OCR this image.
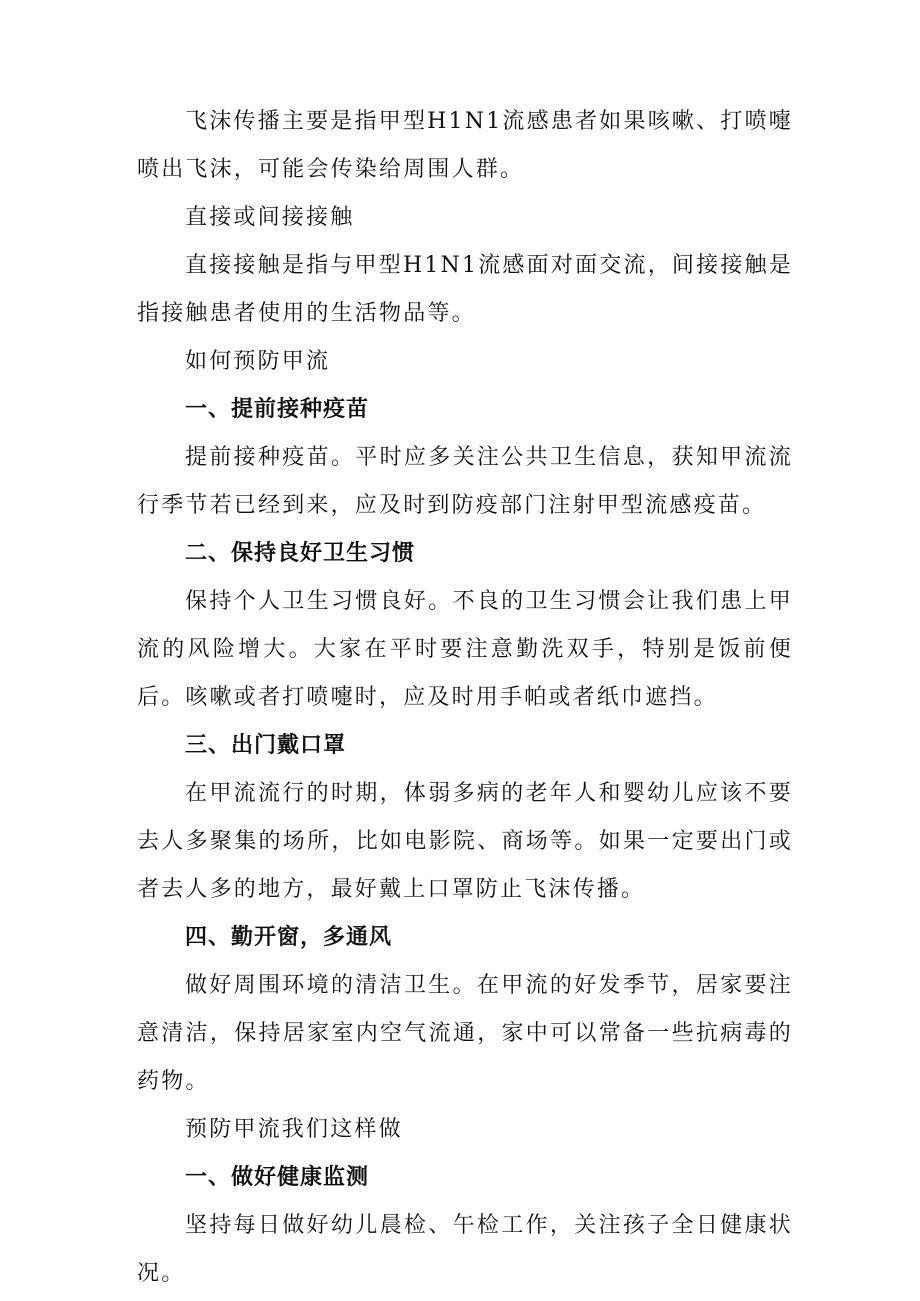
飞沫传播主要是指甲型H1N1流感患者如果咳嗽、打喷嚏喷出飞沫，可能会传染给周围人群。

直接或间接接触

直接接触是指与甲型H1N1流感面对面交流，间接接触是指接触患者使用的生活物品等。

如何预防甲流

一、提前接种疫苗

提前接种疫苗。平时应多关注公共卫生信息，获知甲流流行季节若已经到来，应及时到防疫部门注射甲型流感疫苗。

二、保持良好卫生习惯

保持个人卫生习惯良好。不良的卫生习惯会让我们患上甲流的风险增大。大家在平时要注意勤洗双手，特别是饭前便后。咳嗽或者打喷嚏时，应及时用手帕或者纸巾遮挡。

三、出门戴口罩

在甲流流行的时期，体弱多病的老年人和婴幼儿应该不要去人多聚集的场所，比如电影院、商场等。如果一定要出门或者去人多的地方，最好戴上口罩防止飞沫传播。

四、勤开窗，多通风

做好周围环境的清洁卫生。在甲流的好发季节，居家要注意清洁，保持居家室内空气流通，家中可以常备一些抗病毒的药物。

预防甲流我们这样做

一、做好健康监测

坚持每日做好幼儿晨检、午检工作，关注孩子全日健康状况。
